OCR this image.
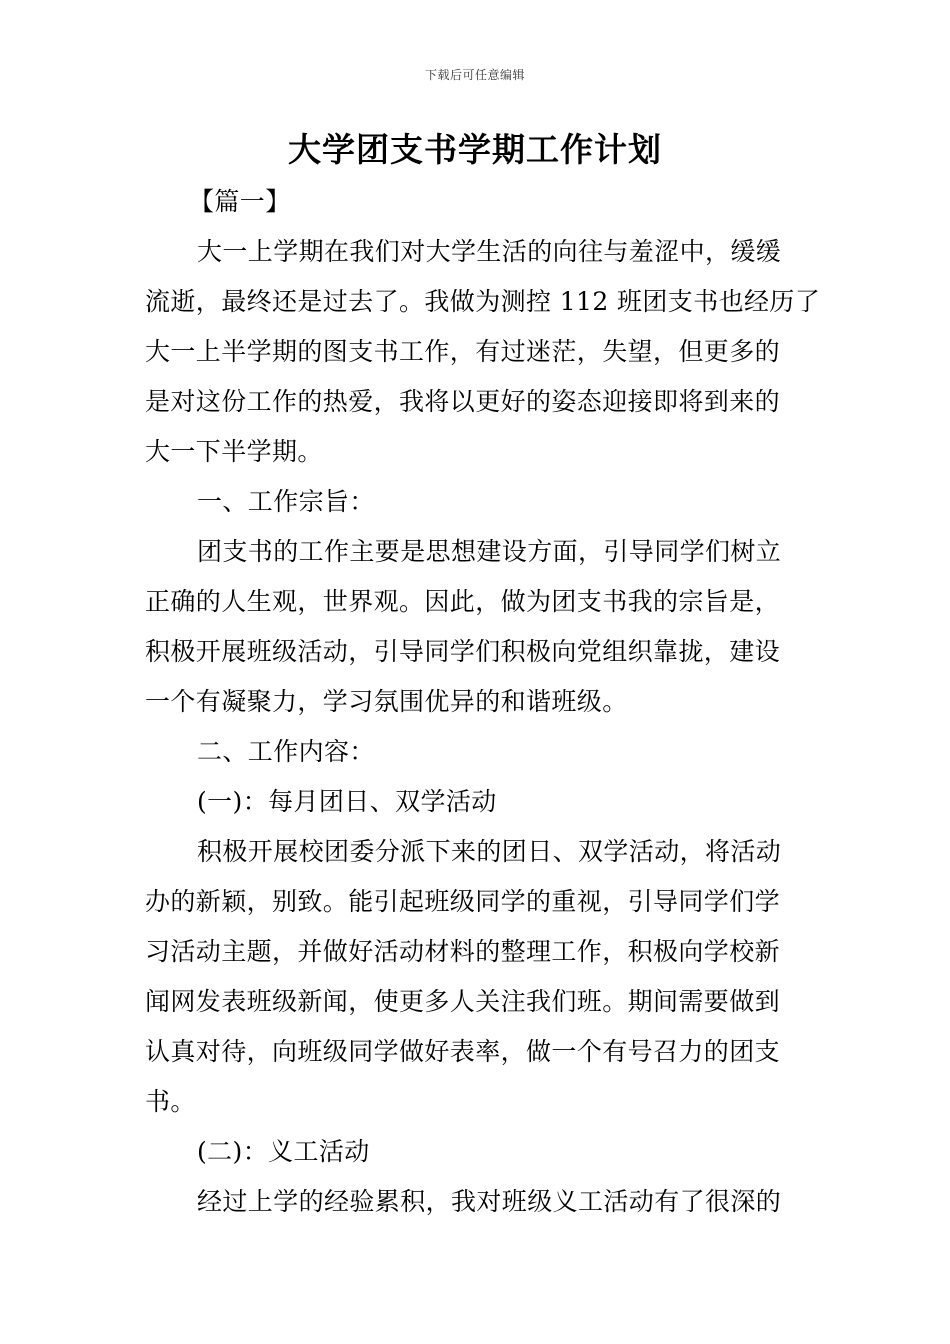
下载后可任意编辑
大学团支书学期工作计划
【篇一】
大一上学期在我们对大学生活的向往与羞涩中，缓缓
流逝，最终还是过去了。我做为测控 112 班团支书也经历了
大一上半学期的图支书工作，有过迷茫，失望，但更多的
是对这份工作的热爱，我将以更好的姿态迎接即将到来的
大一下半学期。
一、工作宗旨：
团支书的工作主要是思想建设方面，引导同学们树立
正确的人生观，世界观。因此，做为团支书我的宗旨是，
积极开展班级活动，引导同学们积极向党组织靠拢，建设
一个有凝聚力，学习氛围优异的和谐班级。
二、工作内容：
(一)：每月团日、双学活动
积极开展校团委分派下来的团日、双学活动，将活动
办的新颖，别致。能引起班级同学的重视，引导同学们学
习活动主题，并做好活动材料的整理工作，积极向学校新
闻网发表班级新闻，使更多人关注我们班。期间需要做到
认真对待，向班级同学做好表率，做一个有号召力的团支
书。
(二)：义工活动
经过上学的经验累积，我对班级义工活动有了很深的
